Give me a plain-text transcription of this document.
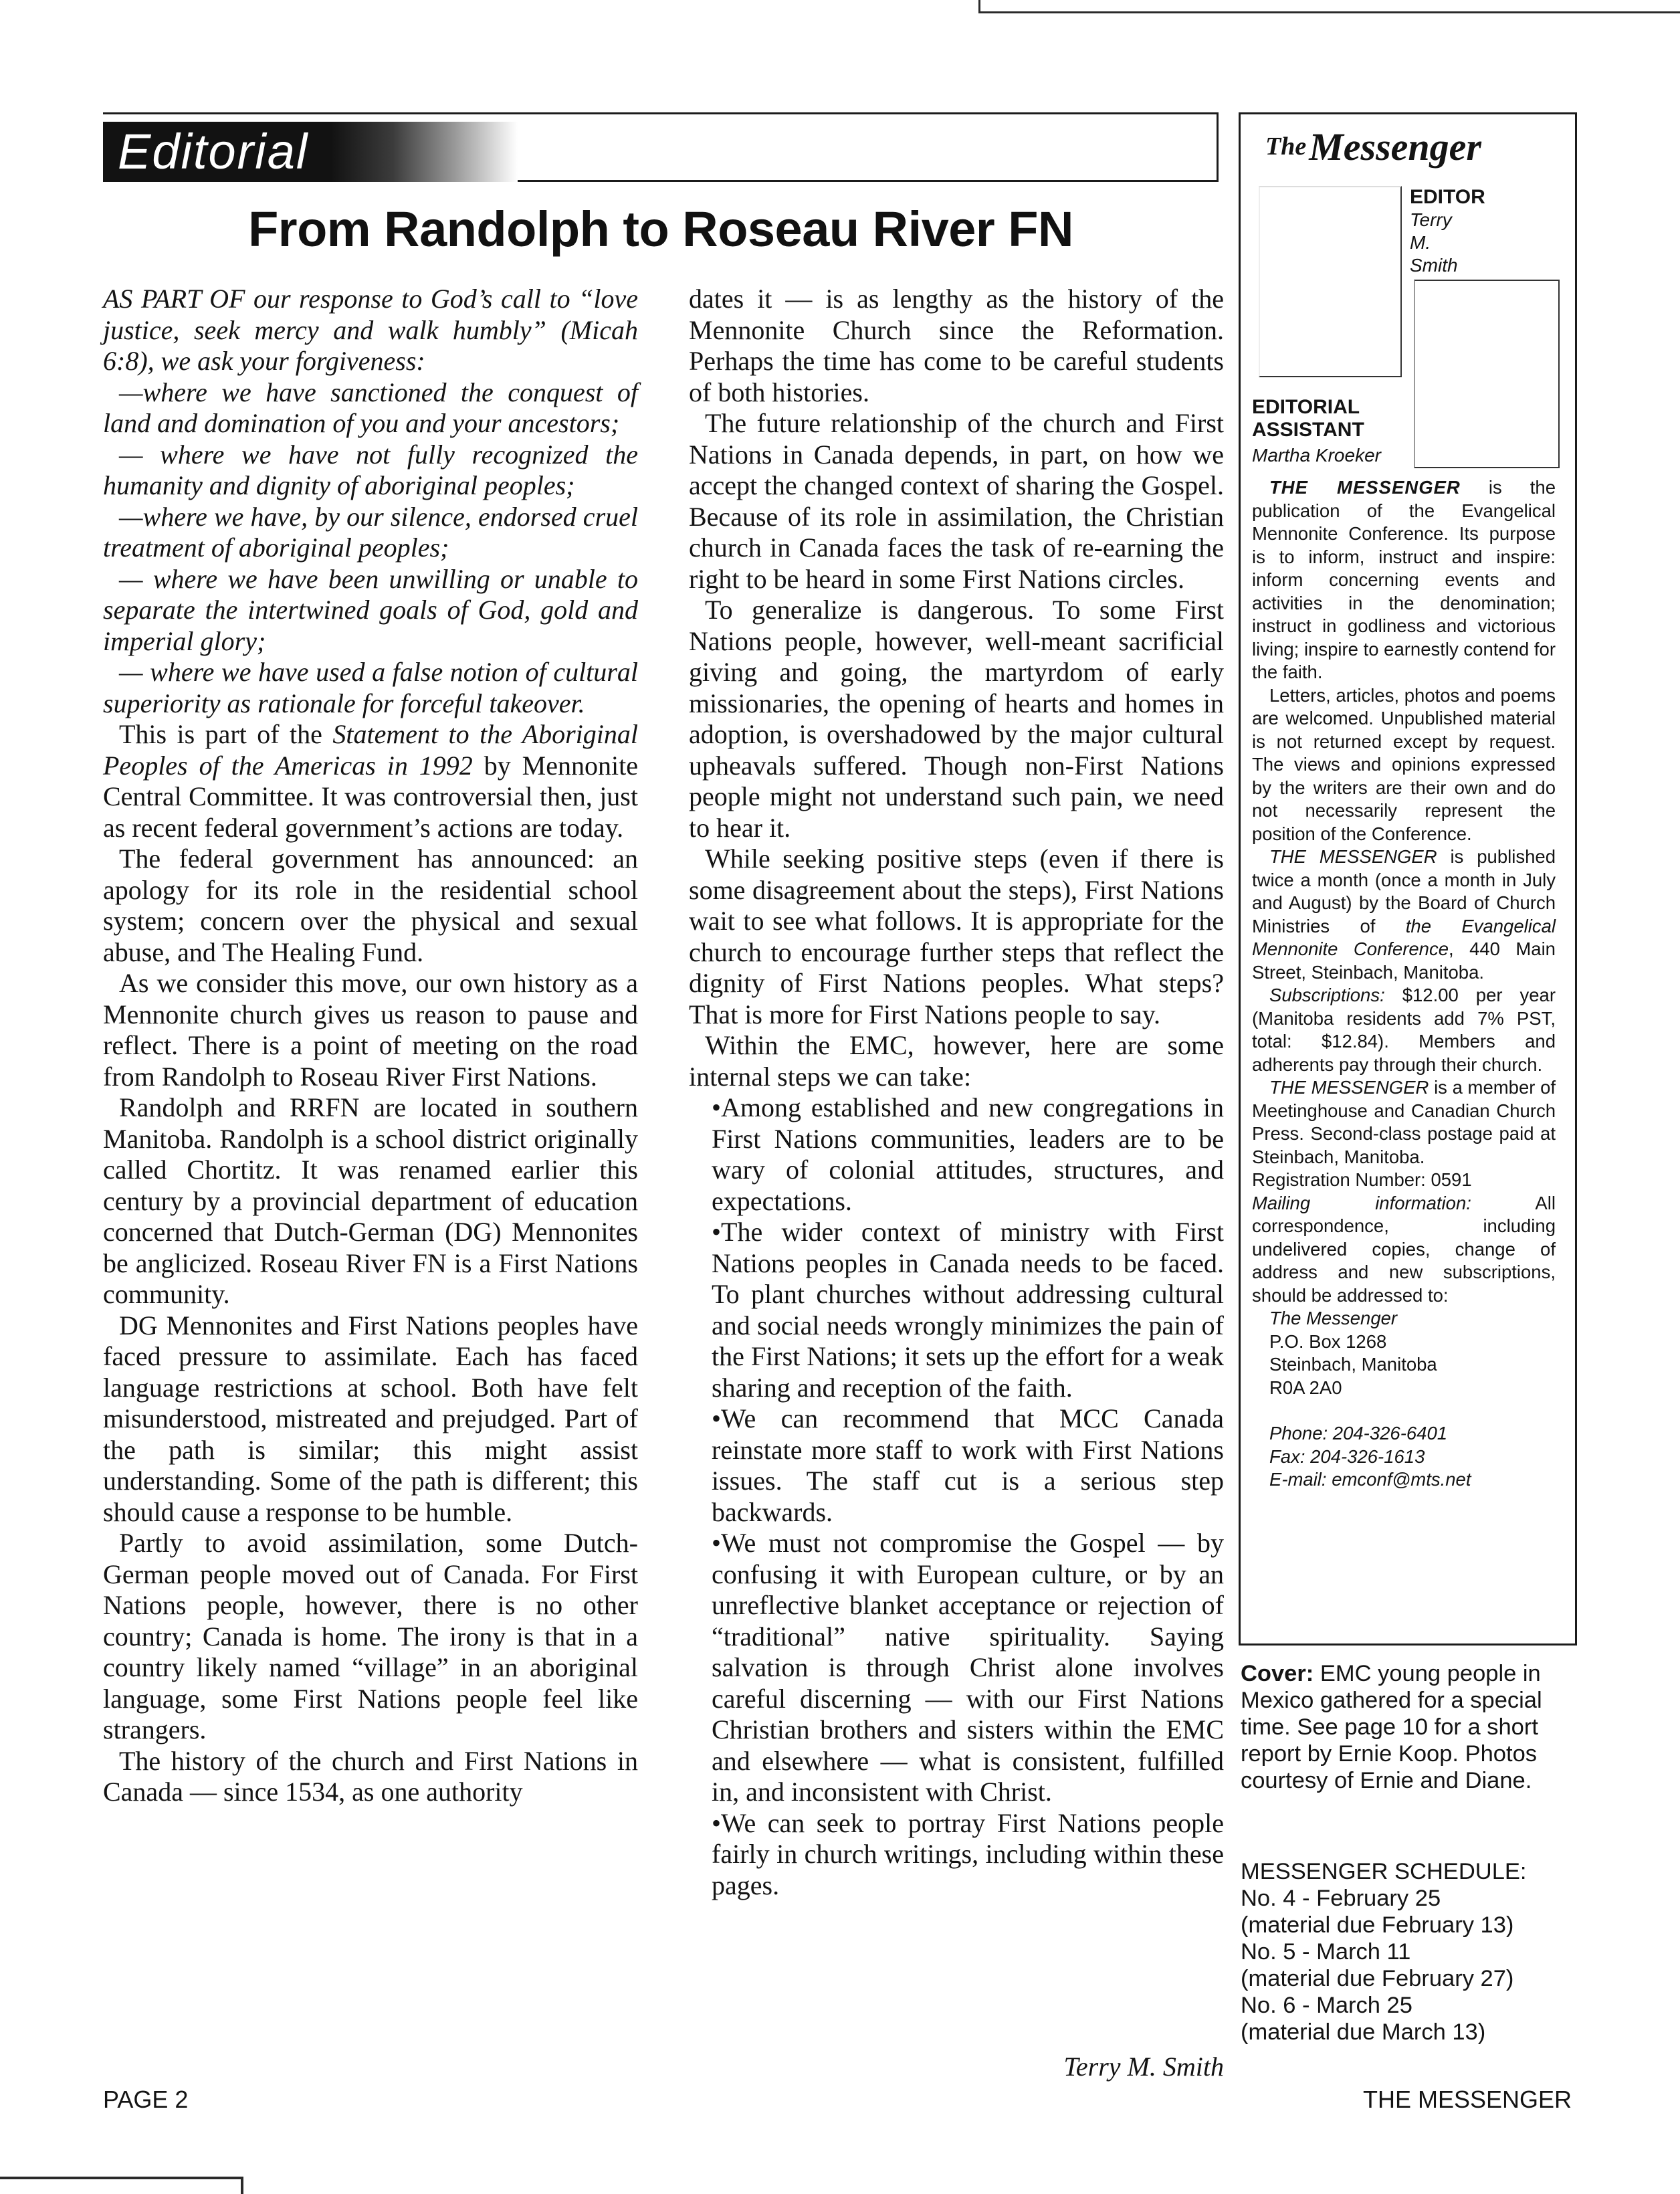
Editorial
From Randolph to Roseau River FN

AS PART OF our response to God’s call to “love justice, seek mercy and walk humbly” (Micah 6:8), we ask your forgiveness:

—where we have sanctioned the conquest of land and domination of you and your ancestors;

— where we have not fully recognized the humanity and dignity of aboriginal peoples;

—where we have, by our silence, endorsed cruel treatment of aboriginal peoples;

— where we have been unwilling or unable to separate the intertwined goals of God, gold and imperial glory;

— where we have used a false notion of cultural superiority as rationale for forceful takeover.

This is part of the Statement to the Aboriginal Peoples of the Americas in 1992 by Mennonite Central Committee. It was controversial then, just as recent federal government’s actions are today.

The federal government has announced: an apology for its role in the residential school system; concern over the physical and sexual abuse, and The Healing Fund.

As we consider this move, our own history as a Mennonite church gives us reason to pause and reflect. There is a point of meeting on the road from Randolph to Roseau River First Nations.

Randolph and RRFN are located in southern Manitoba. Randolph is a school district originally called Chortitz. It was renamed earlier this century by a provincial department of education concerned that Dutch-German (DG) Mennonites be anglicized. Roseau River FN is a First Nations community.

DG Mennonites and First Nations peoples have faced pressure to assimilate. Each has faced language restrictions at school. Both have felt misunderstood, mistreated and prejudged. Part of the path is similar; this might assist understanding. Some of the path is different; this should cause a response to be humble.

Partly to avoid assimilation, some Dutch-German people moved out of Canada. For First Nations people, however, there is no other country; Canada is home. The irony is that in a country likely named “village” in an aboriginal language, some First Nations people feel like strangers.

The history of the church and First Nations in Canada — since 1534, as one authority

dates it — is as lengthy as the history of the Mennonite Church since the Reformation. Perhaps the time has come to be careful students of both histories.

The future relationship of the church and First Nations in Canada depends, in part, on how we accept the changed context of sharing the Gospel. Because of its role in assimilation, the Christian church in Canada faces the task of re-earning the right to be heard in some First Nations circles.

To generalize is dangerous. To some First Nations people, however, well-meant sacrificial giving and going, the martyrdom of early missionaries, the opening of hearts and homes in adoption, is overshadowed by the major cultural upheavals suffered. Though non-First Nations people might not understand such pain, we need to hear it.

While seeking positive steps (even if there is some disagreement about the steps), First Nations wait to see what follows. It is appropriate for the church to encourage further steps that reflect the dignity of First Nations peoples. What steps? That is more for First Nations people to say.

Within the EMC, however, here are some internal steps we can take:

•Among established and new congregations in First Nations communities, leaders are to be wary of colonial attitudes, structures, and expectations.

•The wider context of ministry with First Nations peoples in Canada needs to be faced. To plant churches without addressing cultural and social needs wrongly minimizes the pain of the First Nations; it sets up the effort for a weak sharing and reception of the faith.

•We can recommend that MCC Canada reinstate more staff to work with First Nations issues. The staff cut is a serious step backwards.

•We must not compromise the Gospel — by confusing it with European culture, or by an unreflective blanket acceptance or rejection of “traditional” native spirituality. Saying salvation is through Christ alone involves careful discerning — with our First Nations Christian brothers and sisters within the EMC and elsewhere — what is consistent, fulfilled in, and inconsistent with Christ.

•We can seek to portray First Nations people fairly in church writings, including within these pages.

Terry M. Smith
TheMessenger
EDITOR
Terry M. Smith
EDITORIAL ASSISTANT
Martha Kroeker

THE MESSENGER is the publication of the Evangelical Mennonite Conference. Its purpose is to inform, instruct and inspire: inform concerning events and activities in the denomination; instruct in godliness and victorious living; inspire to earnestly contend for the faith.

Letters, articles, photos and poems are welcomed. Unpublished material is not returned except by request. The views and opinions expressed by the writers are their own and do not necessarily represent the position of the Conference.

THE MESSENGER is published twice a month (once a month in July and August) by the Board of Church Ministries of the Evangelical Mennonite Conference, 440 Main Street, Steinbach, Manitoba.

Subscriptions: $12.00 per year (Manitoba residents add 7% PST, total: $12.84). Members and adherents pay through their church.

THE MESSENGER is a member of Meetinghouse and Canadian Church Press. Second-class postage paid at Steinbach, Manitoba.

Registration Number: 0591

Mailing information: All correspondence, including undelivered copies, change of address and new subscriptions, should be addressed to:

The Messenger

P.O. Box 1268

Steinbach, Manitoba

R0A 2A0

Phone: 204-326-6401

Fax: 204-326-1613

E-mail: emconf@mts.net

Cover: EMC young people in Mexico gathered for a special time. See page 10 for a short report by Ernie Koop. Photos courtesy of Ernie and Diane.
MESSENGER SCHEDULE:
No. 4 - February 25
(material due February 13)
No. 5 - March 11
(material due February 27)
No. 6 - March 25
(material due March 13)
PAGE 2	THE MESSENGER
